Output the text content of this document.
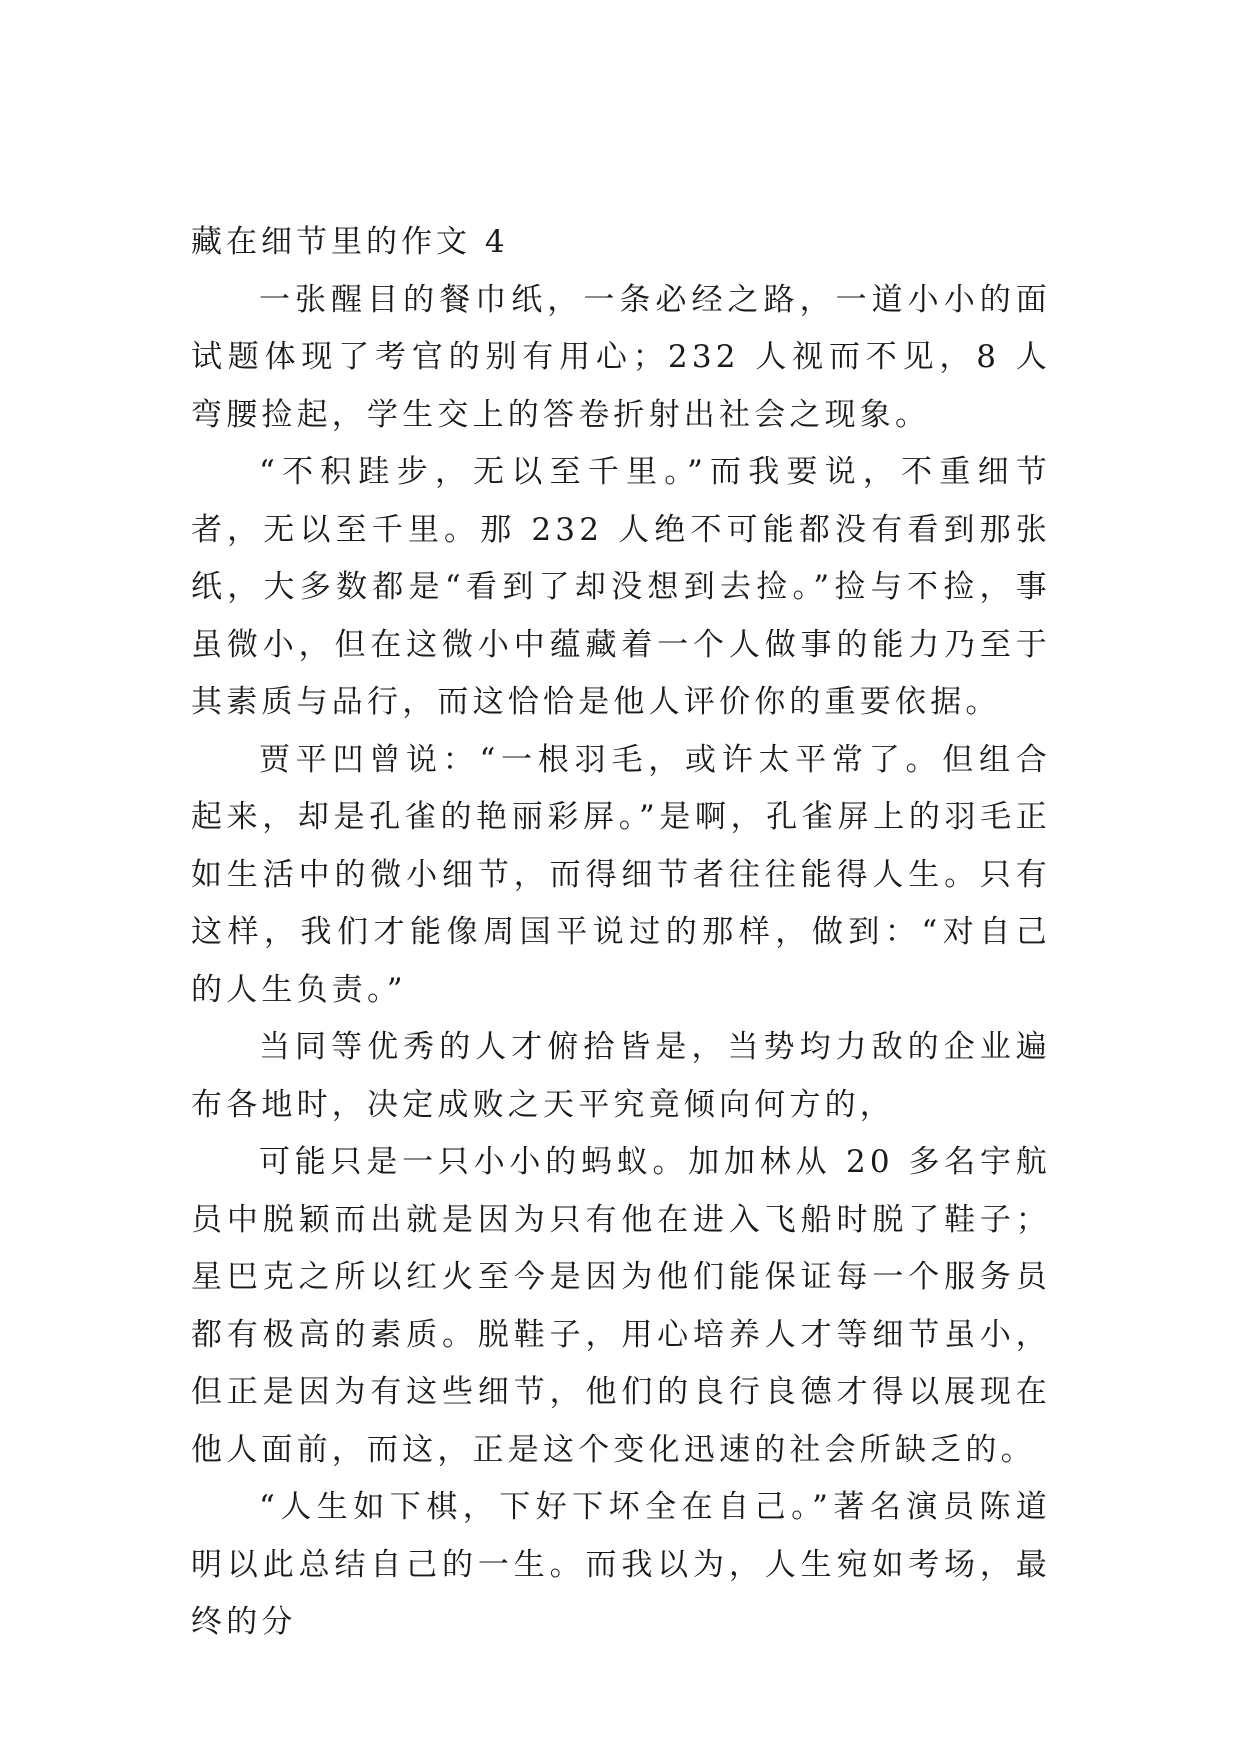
藏在细节里的作文 4

一张醒目的餐巾纸，一条必经之路，一道小小的面试题体现了考官的别有用心；232 人视而不见，8 人弯腰捡起，学生交上的答卷折射出社会之现象。

“不积跬步，无以至千里。”而我要说，不重细节者，无以至千里。那 232 人绝不可能都没有看到那张纸，大多数都是“看到了却没想到去捡。”捡与不捡，事虽微小，但在这微小中蕴藏着一个人做事的能力乃至于其素质与品行，而这恰恰是他人评价你的重要依据。

贾平凹曾说：“一根羽毛，或许太平常了。但组合起来，却是孔雀的艳丽彩屏。”是啊，孔雀屏上的羽毛正如生活中的微小细节，而得细节者往往能得人生。只有这样，我们才能像周国平说过的那样，做到：“对自己的人生负责。”

当同等优秀的人才俯拾皆是，当势均力敌的企业遍布各地时，决定成败之天平究竟倾向何方的，

可能只是一只小小的蚂蚁。加加林从 20 多名宇航员中脱颖而出就是因为只有他在进入飞船时脱了鞋子；星巴克之所以红火至今是因为他们能保证每一个服务员都有极高的素质。脱鞋子，用心培养人才等细节虽小，但正是因为有这些细节，他们的良行良德才得以展现在他人面前，而这，正是这个变化迅速的社会所缺乏的。

“人生如下棋，下好下坏全在自己。”著名演员陈道明以此总结自己的一生。而我以为，人生宛如考场，最终的分
